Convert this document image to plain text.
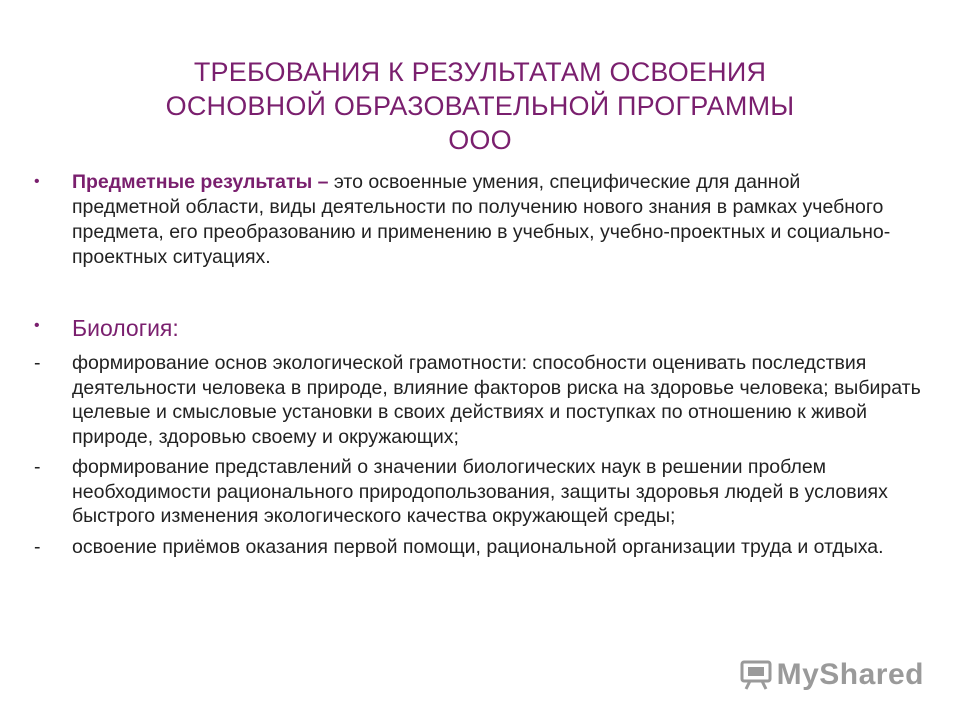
ТРЕБОВАНИЯ К РЕЗУЛЬТАТАМ ОСВОЕНИЯ
ОСНОВНОЙ ОБРАЗОВАТЕЛЬНОЙ ПРОГРАММЫ ООО
• Предметные результаты – это освоенные умения, специфические для данной предметной области, виды деятельности по получению нового знания в рамках учебного предмета, его преобразованию и применению в учебных, учебно-проектных и социально-проектных ситуациях.
• Биология:
- формирование основ экологической грамотности: способности оценивать последствия деятельности человека в природе, влияние факторов риска на здоровье человека; выбирать целевые и смысловые установки в своих действиях и поступках по отношению к живой природе, здоровью своему и окружающих;
- формирование представлений о значении биологических наук в решении проблем необходимости рационального природопользования, защиты здоровья людей в условиях быстрого изменения экологического качества окружающей среды;
- освоение приёмов оказания первой помощи, рациональной организации труда и отдыха.
MyShared
